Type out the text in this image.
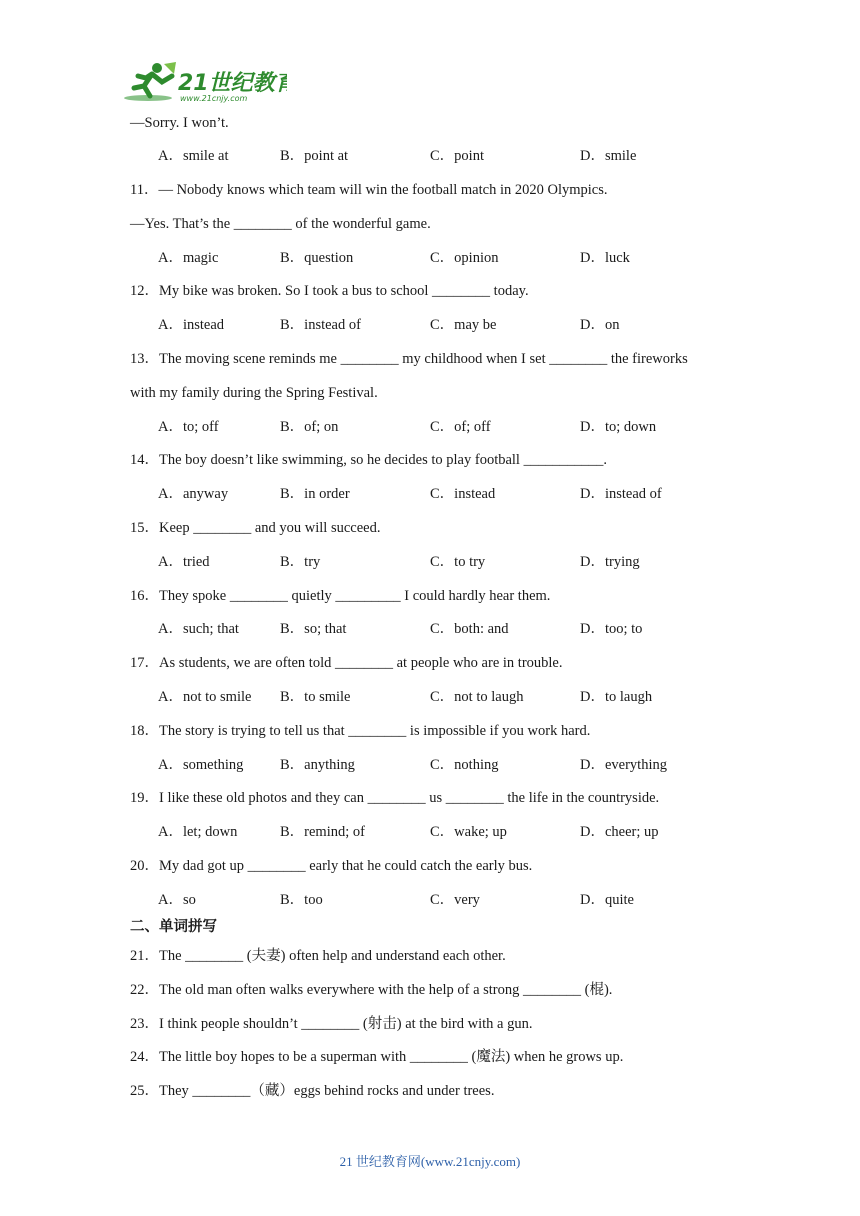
21世纪教育
www.21cnjy.com
—Sorry. I won’t.
A．smile at	B．point at	C．point	D．smile
11．— Nobody knows which team will win the football match in 2020 Olympics.
—Yes. That’s the ________ of the wonderful game.
A．magic	B．question	C．opinion	D．luck
12．My bike was broken. So I took a bus to school ________ today.
A．instead	B．instead of	C．may be	D．on
13．The moving scene reminds me ________ my childhood when I set ________ the fireworks
with my family during the Spring Festival.
A．to; off	B．of; on	C．of; off	D．to; down
14．The boy doesn’t like swimming, so he decides to play football ___________.
A．anyway	B．in order	C．instead	D．instead of
15．Keep ________ and you will succeed.
A．tried	B．try	C．to try	D．trying
16．They spoke ________ quietly _________ I could hardly hear them.
A．such; that	B．so; that	C．both: and	D．too; to
17．As students, we are often told ________ at people who are in trouble.
A．not to smile B．to smile	C．not to laugh	D．to laugh
18．The story is trying to tell us that ________ is impossible if you work hard.
A．something	B．anything	C．nothing	D．everything
19．I like these old photos and they can ________ us ________ the life in the countryside.
A．let; down	B．remind; of	C．wake; up	D．cheer; up
20．My dad got up ________ early that he could catch the early bus.
A．so	B．too	C．very	D．quite
二、单词拼写
21．The ________ (夫妻) often help and understand each other.
22．The old man often walks everywhere with the help of a strong ________ (棍).
23．I think people shouldn’t ________ (射击) at the bird with a gun.
24．The little boy hopes to be a superman with ________ (魔法) when he grows up.
25．They ________（藏）eggs behind rocks and under trees.
21 世纪教育网(www.21cnjy.com)
